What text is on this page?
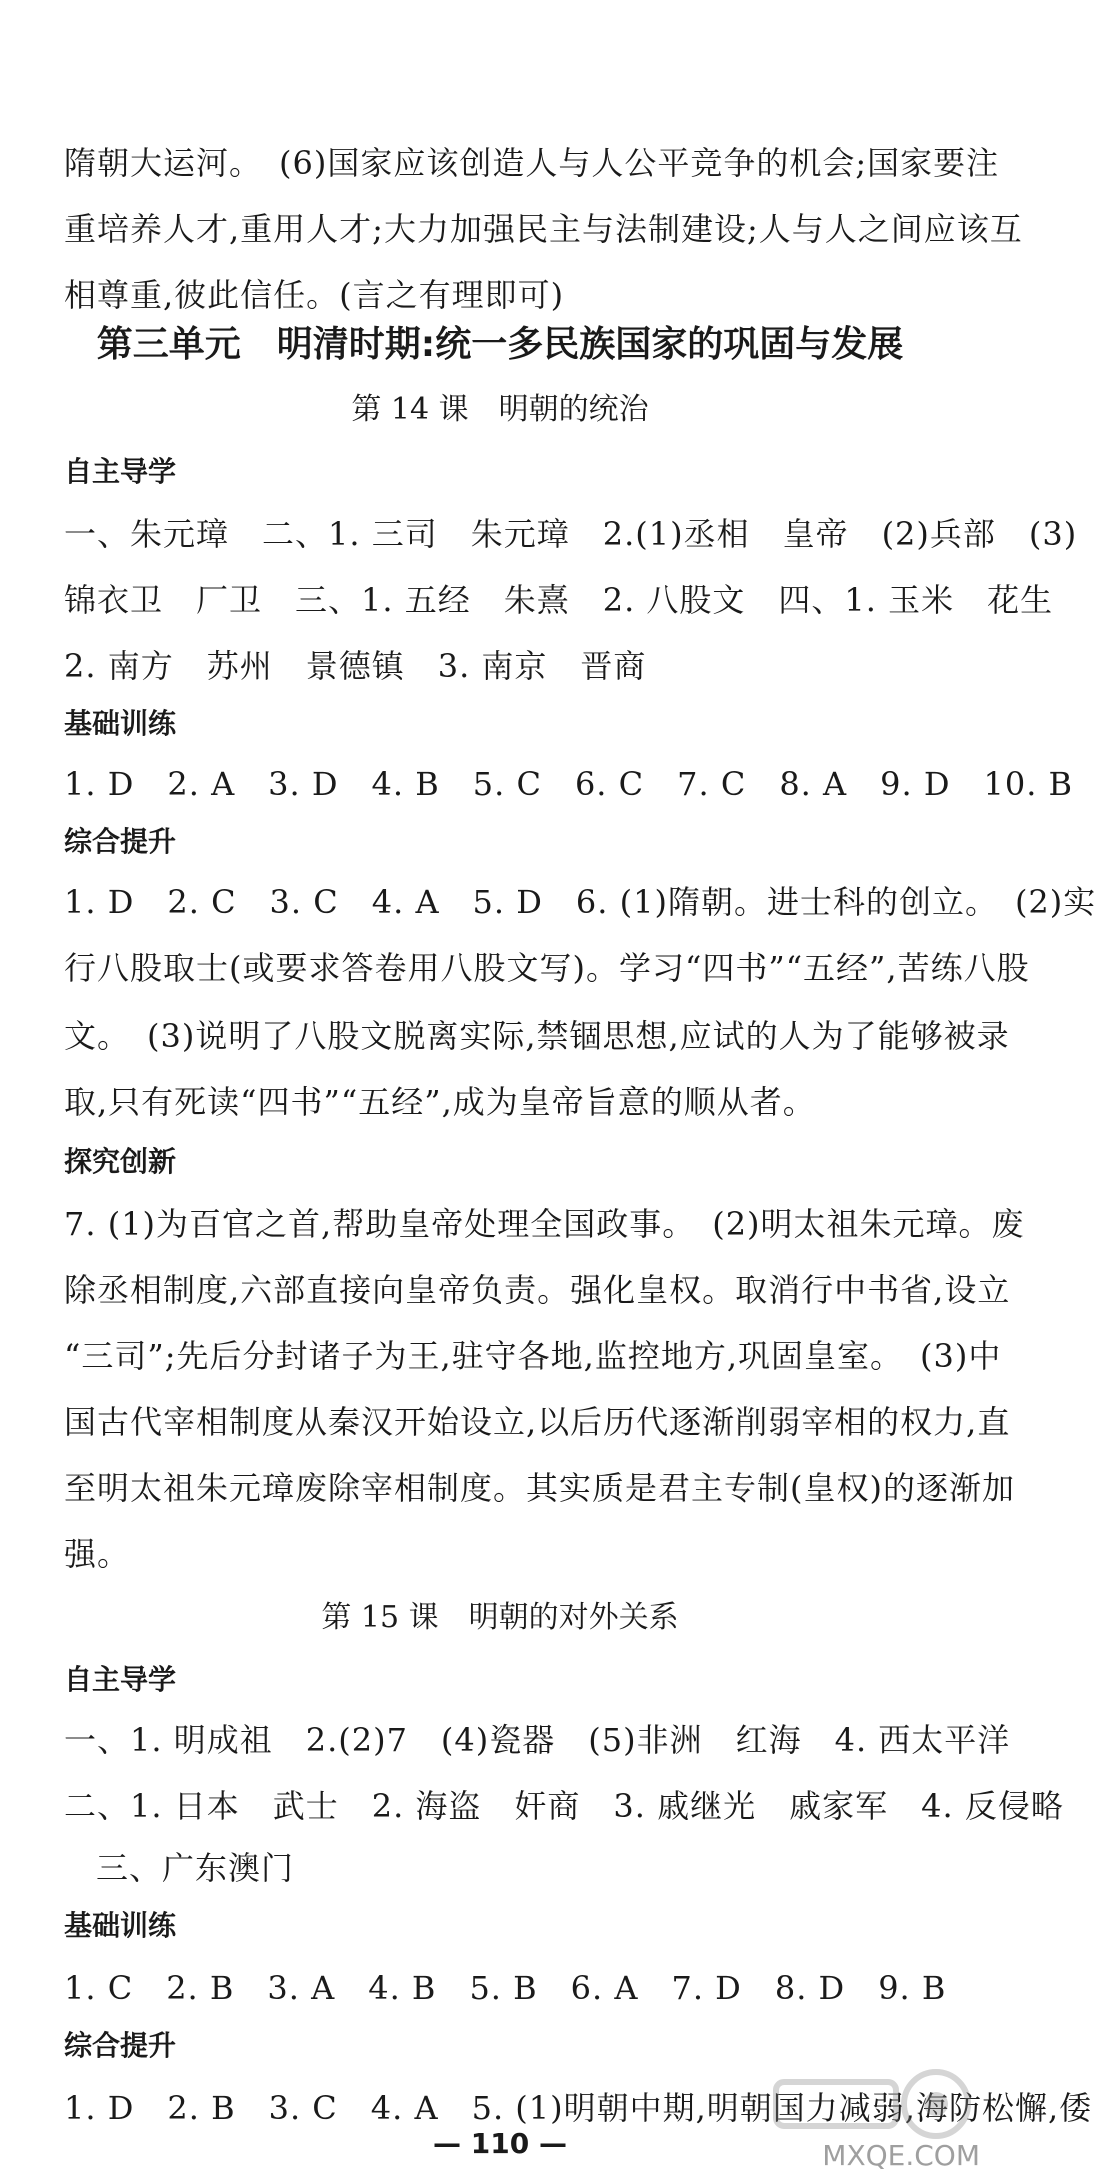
隋朝大运河。　(6)国家应该创造人与人公平竞争的机会;国家要注
重培养人才,重用人才;大力加强民主与法制建设;人与人之间应该互
相尊重,彼此信任。(言之有理即可)
第三单元　明清时期:统一多民族国家的巩固与发展
第 14 课　明朝的统治
自主导学
一、朱元璋　二、1. 三司　朱元璋　2.(1)丞相　皇帝　(2)兵部　(3)
锦衣卫　厂卫　三、1. 五经　朱熹　2. 八股文　四、1. 玉米　花生
2. 南方　苏州　景德镇　3. 南京　晋商
基础训练
1. D　2. A　3. D　4. B　5. C　6. C　7. C　8. A　9. D　10. B
综合提升
1. D　2. C　3. C　4. A　5. D　6. (1)隋朝。进士科的创立。　(2)实
行八股取士(或要求答卷用八股文写)。学习“四书”“五经”,苦练八股
文。　(3)说明了八股文脱离实际,禁锢思想,应试的人为了能够被录
取,只有死读“四书”“五经”,成为皇帝旨意的顺从者。
探究创新
7. (1)为百官之首,帮助皇帝处理全国政事。　(2)明太祖朱元璋。废
除丞相制度,六部直接向皇帝负责。强化皇权。取消行中书省,设立
“三司”;先后分封诸子为王,驻守各地,监控地方,巩固皇室。　(3)中
国古代宰相制度从秦汉开始设立,以后历代逐渐削弱宰相的权力,直
至明太祖朱元璋废除宰相制度。其实质是君主专制(皇权)的逐渐加
强。
第 15 课　明朝的对外关系
自主导学
一、1. 明成祖　2.(2)7　(4)瓷器　(5)非洲　红海　4. 西太平洋
二、1. 日本　武士　2. 海盗　奸商　3. 戚继光　戚家军　4. 反侵略
三、广东澳门
基础训练
1. C　2. B　3. A　4. B　5. B　6. A　7. D　8. D　9. B
综合提升
1. D　2. B　3. C　4. A　5. (1)明朝中期,明朝国力减弱,海防松懈,倭
— 110 —	MXQE.COM
